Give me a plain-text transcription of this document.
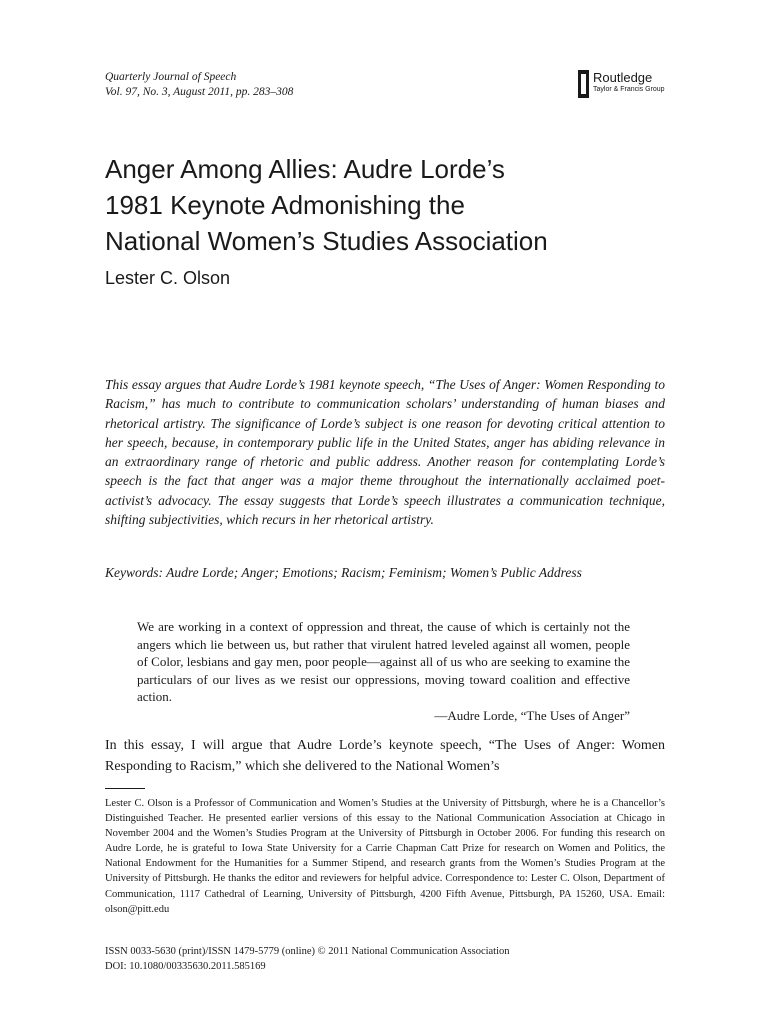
Quarterly Journal of Speech
Vol. 97, No. 3, August 2011, pp. 283–308
Routledge
Taylor & Francis Group
Anger Among Allies: Audre Lorde’s
1981 Keynote Admonishing the
National Women’s Studies Association
Lester C. Olson

This essay argues that Audre Lorde’s 1981 keynote speech, “The Uses of Anger: Women Responding to Racism,” has much to contribute to communication scholars’ understanding of human biases and rhetorical artistry. The significance of Lorde’s subject is one reason for devoting critical attention to her speech, because, in contemporary public life in the United States, anger has abiding relevance in an extraordinary range of rhetoric and public address. Another reason for contemplating Lorde’s speech is the fact that anger was a major theme throughout the internationally acclaimed poet-activist’s advocacy. The essay suggests that Lorde’s speech illustrates a communication technique, shifting subjectivities, which recurs in her rhetorical artistry.

Keywords: Audre Lorde; Anger; Emotions; Racism; Feminism; Women’s Public Address

We are working in a context of oppression and threat, the cause of which is certainly not the angers which lie between us, but rather that virulent hatred leveled against all women, people of Color, lesbians and gay men, poor people—against all of us who are seeking to examine the particulars of our lives as we resist our oppressions, moving toward coalition and effective action.

—Audre Lorde, “The Uses of Anger”

In this essay, I will argue that Audre Lorde’s keynote speech, “The Uses of Anger: Women Responding to Racism,” which she delivered to the National Women’s

Lester C. Olson is a Professor of Communication and Women’s Studies at the University of Pittsburgh, where he is a Chancellor’s Distinguished Teacher. He presented earlier versions of this essay to the National Communication Association at Chicago in November 2004 and the Women’s Studies Program at the University of Pittsburgh in October 2006. For funding this research on Audre Lorde, he is grateful to Iowa State University for a Carrie Chapman Catt Prize for research on Women and Politics, the National Endowment for the Humanities for a Summer Stipend, and research grants from the Women’s Studies Program at the University of Pittsburgh. He thanks the editor and reviewers for helpful advice. Correspondence to: Lester C. Olson, Department of Communication, 1117 Cathedral of Learning, University of Pittsburgh, 4200 Fifth Avenue, Pittsburgh, PA 15260, USA. Email: olson@pitt.edu

ISSN 0033-5630 (print)/ISSN 1479-5779 (online) © 2011 National Communication Association
DOI: 10.1080/00335630.2011.585169
